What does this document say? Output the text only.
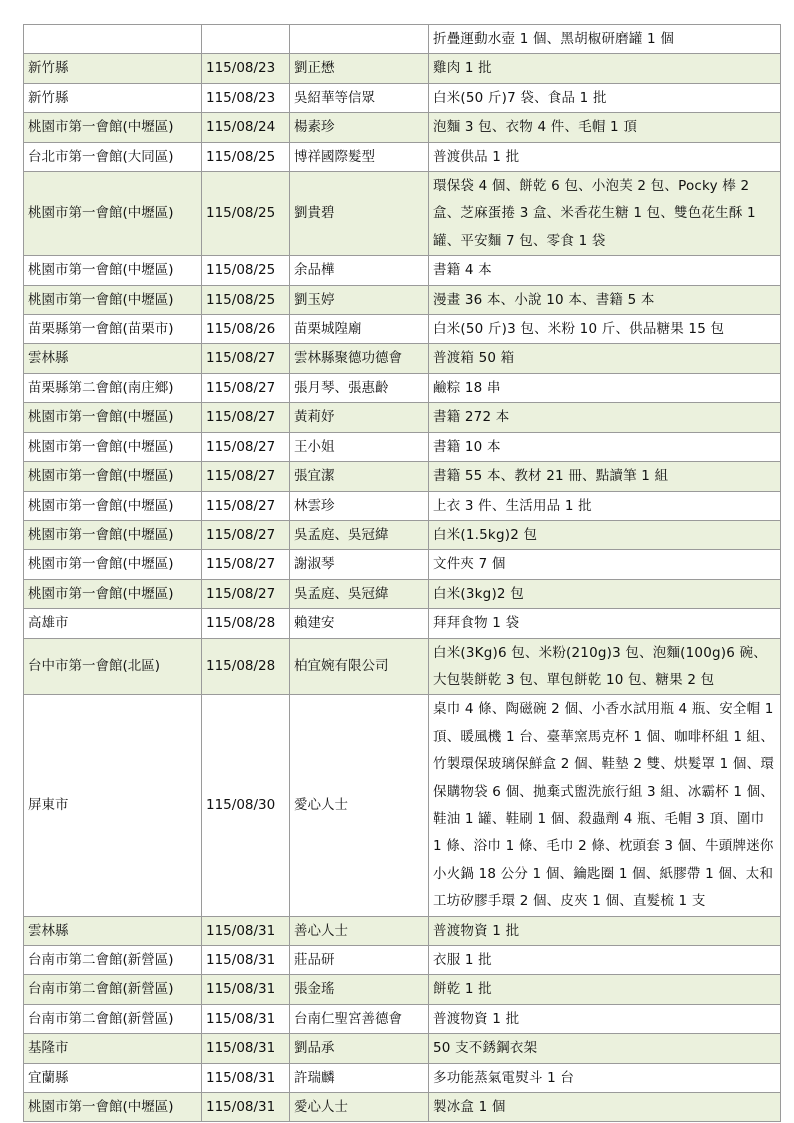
			折疊運動水壺 1 個、黑胡椒研磨罐 1 個
新竹縣	115/08/23	劉正懋	雞肉 1 批
新竹縣	115/08/23	吳紹華等信眾	白米(50 斤)7 袋、食品 1 批
桃園市第一會館(中壢區)	115/08/24	楊素珍	泡麵 3 包、衣物 4 件、毛帽 1 頂
台北市第一會館(大同區)	115/08/25	博祥國際髮型	普渡供品 1 批
桃園市第一會館(中壢區)	115/08/25	劉貴碧	環保袋 4 個、餅乾 6 包、小泡芙 2 包、Pocky 棒 2 盒、芝麻蛋捲 3 盒、米香花生糖 1 包、雙色花生酥 1 罐、平安麵 7 包、零食 1 袋
桃園市第一會館(中壢區)	115/08/25	余品樺	書籍 4 本
桃園市第一會館(中壢區)	115/08/25	劉玉婷	漫畫 36 本、小說 10 本、書籍 5 本
苗栗縣第一會館(苗栗市)	115/08/26	苗栗城隍廟	白米(50 斤)3 包、米粉 10 斤、供品糖果 15 包
雲林縣	115/08/27	雲林縣聚德功德會	普渡箱 50 箱
苗栗縣第二會館(南庄鄉)	115/08/27	張月琴、張惠齡	鹼粽 18 串
桃園市第一會館(中壢區)	115/08/27	黃莉妤	書籍 272 本
桃園市第一會館(中壢區)	115/08/27	王小姐	書籍 10 本
桃園市第一會館(中壢區)	115/08/27	張宜潔	書籍 55 本、教材 21 冊、點讀筆 1 組
桃園市第一會館(中壢區)	115/08/27	林雲珍	上衣 3 件、生活用品 1 批
桃園市第一會館(中壢區)	115/08/27	吳孟庭、吳冠緯	白米(1.5kg)2 包
桃園市第一會館(中壢區)	115/08/27	謝淑琴	文件夾 7 個
桃園市第一會館(中壢區)	115/08/27	吳孟庭、吳冠緯	白米(3kg)2 包
高雄市	115/08/28	賴建安	拜拜食物 1 袋
台中市第一會館(北區)	115/08/28	柏宜婉有限公司	白米(3Kg)6 包、米粉(210g)3 包、泡麵(100g)6 碗、大包裝餅乾 3 包、單包餅乾 10 包、糖果 2 包
屏東市	115/08/30	愛心人士	桌巾 4 條、陶磁碗 2 個、小香水試用瓶 4 瓶、安全帽 1 頂、暖風機 1 台、臺華窯馬克杯 1 個、咖啡杯組 1 組、竹製環保玻璃保鮮盒 2 個、鞋墊 2 雙、烘髮罩 1 個、環保購物袋 6 個、拋棄式盥洗旅行組 3 組、冰霸杯 1 個、鞋油 1 罐、鞋刷 1 個、殺蟲劑 4 瓶、毛帽 3 頂、圍巾 1 條、浴巾 1 條、毛巾 2 條、枕頭套 3 個、牛頭牌迷你小火鍋 18 公分 1 個、鑰匙圈 1 個、紙膠帶 1 個、太和工坊矽膠手環 2 個、皮夾 1 個、直髮梳 1 支
雲林縣	115/08/31	善心人士	普渡物資 1 批
台南市第二會館(新營區)	115/08/31	莊品研	衣服 1 批
台南市第二會館(新營區)	115/08/31	張金瑤	餅乾 1 批
台南市第二會館(新營區)	115/08/31	台南仁聖宮善德會	普渡物資 1 批
基隆市	115/08/31	劉品承	50 支不銹鋼衣架
宜蘭縣	115/08/31	許瑞麟	多功能蒸氣電熨斗 1 台
桃園市第一會館(中壢區)	115/08/31	愛心人士	製冰盒 1 個
